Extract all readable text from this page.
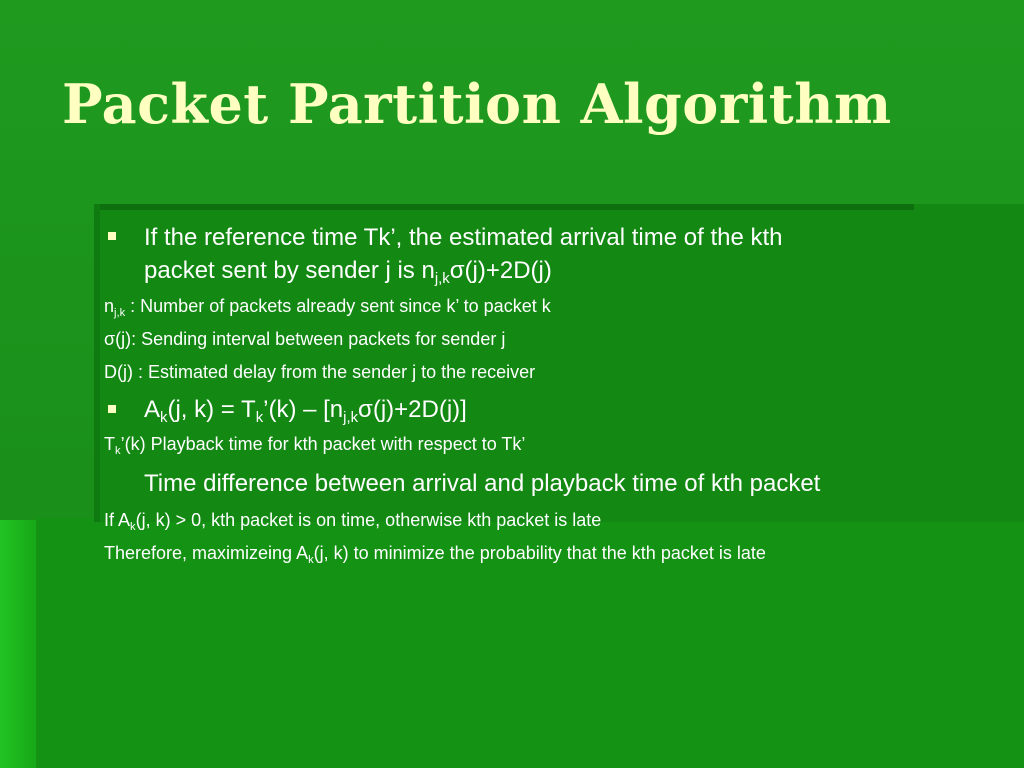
Packet Partition Algorithm
If the reference time Tk’, the estimated arrival time of the kth
packet sent by sender j is $n_{j,k}\sigma(j)+2D(j)$
$n_{j,k}$ : Number of packets already sent since k’ to packet k
σ(j): Sending interval between packets for sender j
D(j) : Estimated delay from the sender j to the receiver
$A_k(j$, $k) = T_k’(k) - [n_{j,k}\sigma(j)+2D(j)]$
$T_k’(k)$ Playback time for kth packet with respect to Tk’
Time difference between arrival and playback time of kth packet
If $A_k(j$, k) > 0, kth packet is on time, otherwise kth packet is late
Therefore, maximizeing $A_k(j$, k) to minimize the probability that the kth packet is late
